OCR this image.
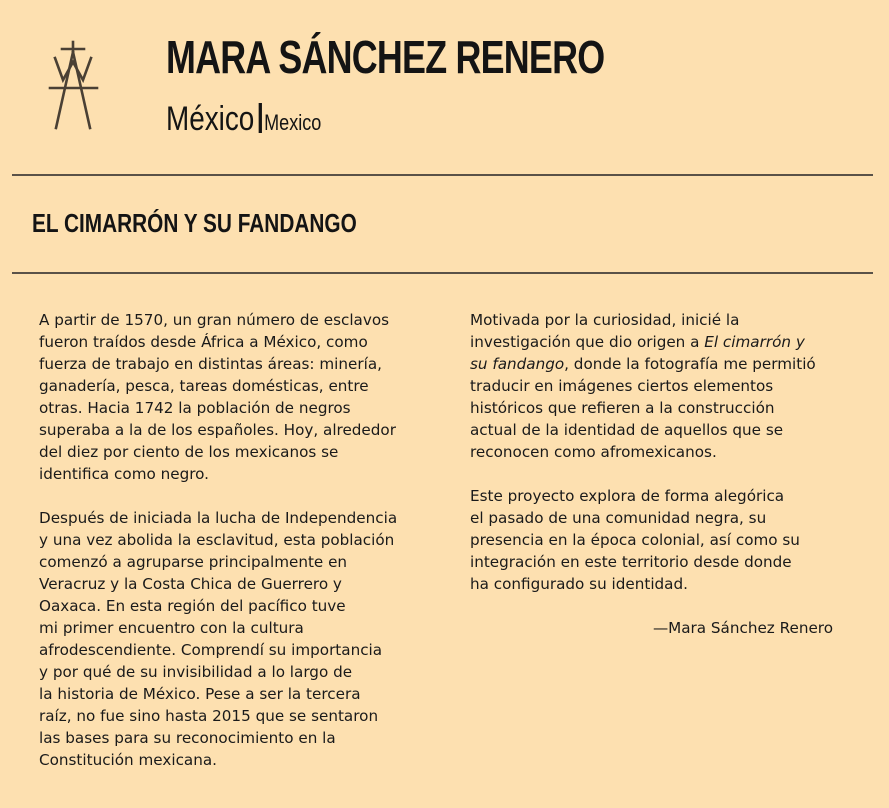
MARA SÁNCHEZ RENERO
México Mexico
EL CIMARRÓN Y SU FANDANGO

A partir de 1570, un gran número de esclavos
fueron traídos desde África a México, como
fuerza de trabajo en distintas áreas: minería,
ganadería, pesca, tareas domésticas, entre
otras. Hacia 1742 la población de negros
superaba a la de los españoles. Hoy, alrededor
del diez por ciento de los mexicanos se
identifica como negro.

Después de iniciada la lucha de Independencia
y una vez abolida la esclavitud, esta población
comenzó a agruparse principalmente en
Veracruz y la Costa Chica de Guerrero y
Oaxaca. En esta región del pacífico tuve
mi primer encuentro con la cultura
afrodescendiente. Comprendí su importancia
y por qué de su invisibilidad a lo largo de
la historia de México. Pese a ser la tercera
raíz, no fue sino hasta 2015 que se sentaron
las bases para su reconocimiento en la
Constitución mexicana.

Motivada por la curiosidad, inicié la
investigación que dio origen a El cimarrón y
su fandango, donde la fotografía me permitió
traducir en imágenes ciertos elementos
históricos que refieren a la construcción
actual de la identidad de aquellos que se
reconocen como afromexicanos.

Este proyecto explora de forma alegórica
el pasado de una comunidad negra, su
presencia en la época colonial, así como su
integración en este territorio desde donde
ha configurado su identidad.

—Mara Sánchez Renero
